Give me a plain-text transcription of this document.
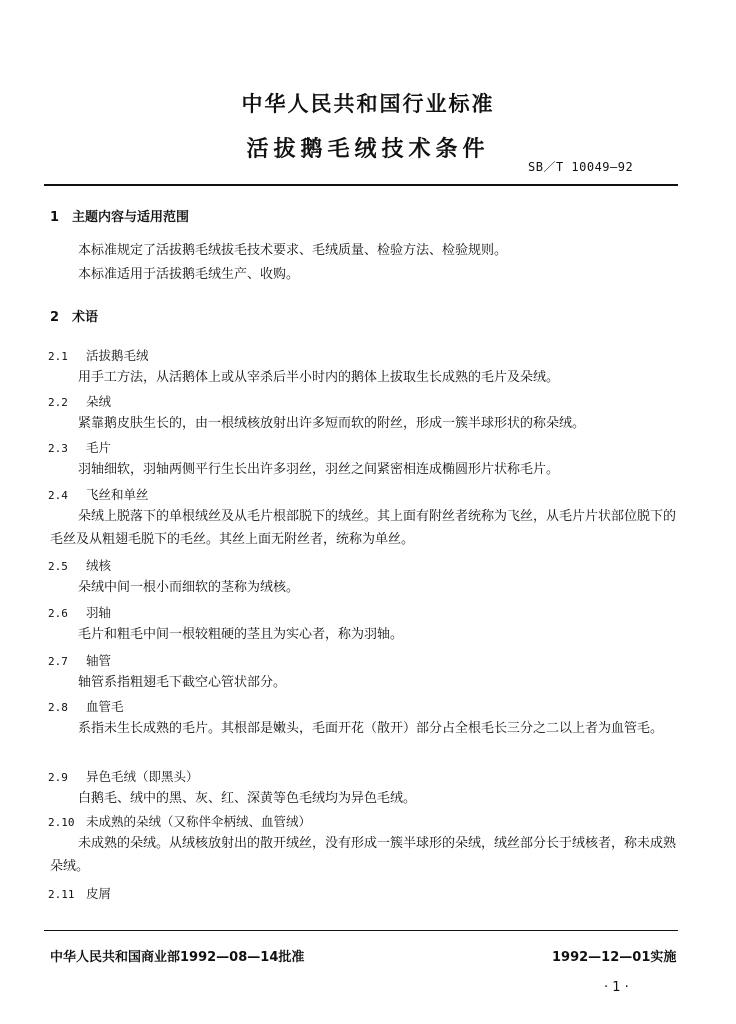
中华人民共和国行业标准
活拔鹅毛绒技术条件
SB／T 10049—92
1 主题内容与适用范围
本标准规定了活拔鹅毛绒拔毛技术要求、毛绒质量、检验方法、检验规则。
本标准适用于活拔鹅毛绒生产、收购。
2 术语
2.1 活拔鹅毛绒
用手工方法，从活鹅体上或从宰杀后半小时内的鹅体上拔取生长成熟的毛片及朵绒。
2.2 朵绒
紧靠鹅皮肤生长的，由一根绒核放射出许多短而软的附丝，形成一簇半球形状的称朵绒。
2.3 毛片
羽轴细软，羽轴两侧平行生长出许多羽丝，羽丝之间紧密相连成椭圆形片状称毛片。
2.4 飞丝和单丝
朵绒上脱落下的单根绒丝及从毛片根部脱下的绒丝。其上面有附丝者统称为飞丝，从毛片片状部位脱下的毛丝及从粗翅毛脱下的毛丝。其丝上面无附丝者，统称为单丝。
2.5 绒核
朵绒中间一根小而细软的茎称为绒核。
2.6 羽轴
毛片和粗毛中间一根较粗硬的茎且为实心者，称为羽轴。
2.7 轴管
轴管系指粗翅毛下截空心管状部分。
2.8 血管毛
系指未生长成熟的毛片。其根部是嫩头，毛面开花（散开）部分占全根毛长三分之二以上者为血管毛。
2.9 异色毛绒（即黑头）
白鹅毛、绒中的黑、灰、红、深黄等色毛绒均为异色毛绒。
2.10 未成熟的朵绒（又称伴伞柄绒、血管绒）
未成熟的朵绒。从绒核放射出的散开绒丝，没有形成一簇半球形的朵绒，绒丝部分长于绒核者，称未成熟朵绒。
2.11 皮屑
中华人民共和国商业部1992—08—14批准	1992—12—01实施
· 1 ·
